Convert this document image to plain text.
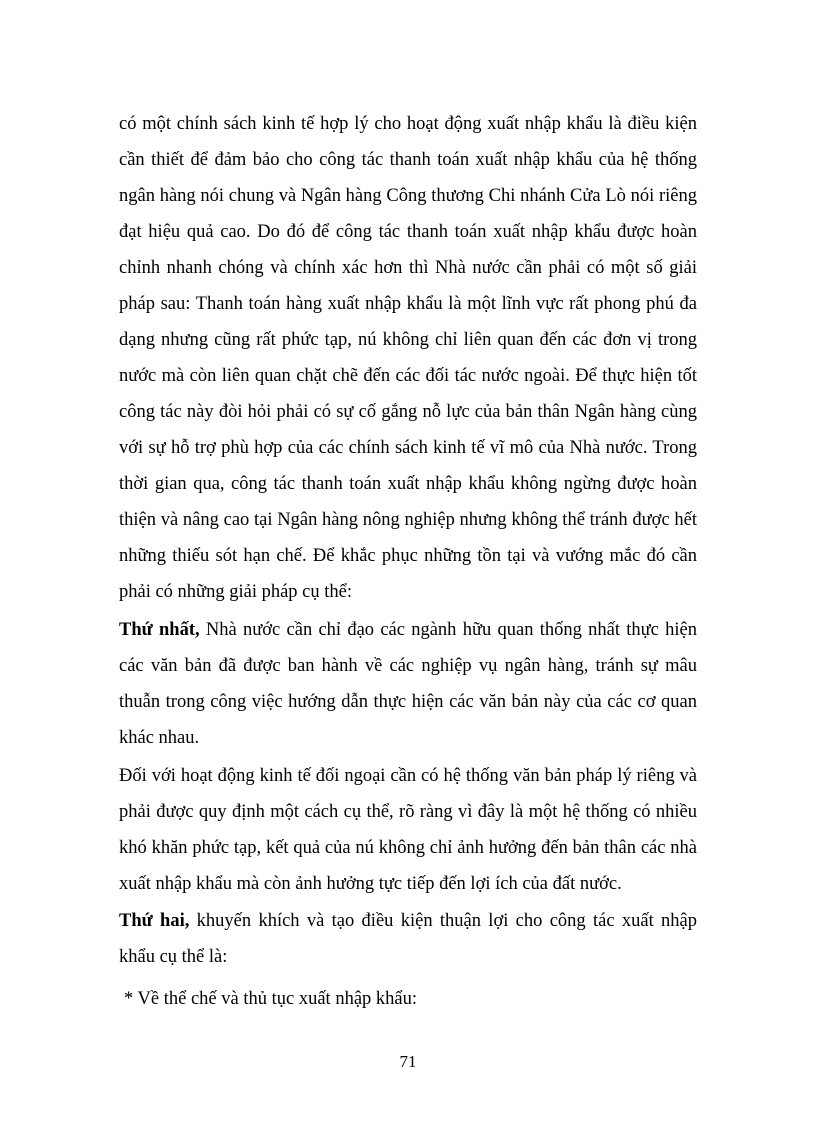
có một chính sách kinh tế hợp lý cho hoạt động xuất nhập khẩu là điều kiện cần thiết để đảm bảo cho công tác thanh toán xuất nhập khẩu của hệ thống ngân hàng nói chung và Ngân hàng Công thương Chi nhánh Cửa Lò nói riêng đạt hiệu quả cao. Do đó để công tác thanh toán xuất nhập khẩu được hoàn chỉnh nhanh chóng và chính xác hơn thì Nhà nước cần phải có một số giải pháp sau: Thanh toán hàng xuất nhập khẩu là một lĩnh vực rất phong phú đa dạng nhưng cũng rất phức tạp, nú không chỉ liên quan đến các đơn vị trong nước mà còn liên quan chặt chẽ đến các đối tác nước ngoài. Để thực hiện tốt công tác này đòi hỏi phải có sự cố gắng nỗ lực của bản thân Ngân hàng cùng với sự hỗ trợ phù hợp của các chính sách kinh tế vĩ mô của Nhà nước. Trong thời gian qua, công tác thanh toán xuất nhập khẩu không ngừng được hoàn thiện và nâng cao tại Ngân hàng nông nghiệp nhưng không thể tránh được hết những thiếu sót hạn chế. Để khắc phục những tồn tại và vướng mắc đó cần phải có những giải pháp cụ thể:

Thứ nhất, Nhà nước cần chỉ đạo các ngành hữu quan thống nhất thực hiện các văn bản đã được ban hành về các nghiệp vụ ngân hàng, tránh sự mâu thuẫn trong công việc hướng dẫn thực hiện các văn bản này của các cơ quan khác nhau.

Đối với hoạt động kinh tế đối ngoại cần có hệ thống văn bản pháp lý riêng và phải được quy định một cách cụ thể, rõ ràng vì đây là một hệ thống có nhiều khó khăn phức tạp, kết quả của nú không chỉ ảnh hưởng đến bản thân các nhà xuất nhập khẩu mà còn ảnh hưởng tực tiếp đến lợi ích của đất nước.

Thứ hai, khuyến khích và tạo điều kiện thuận lợi cho công tác xuất nhập khẩu cụ thể là:

* Về thể chế và thủ tục xuất nhập khẩu:

71
